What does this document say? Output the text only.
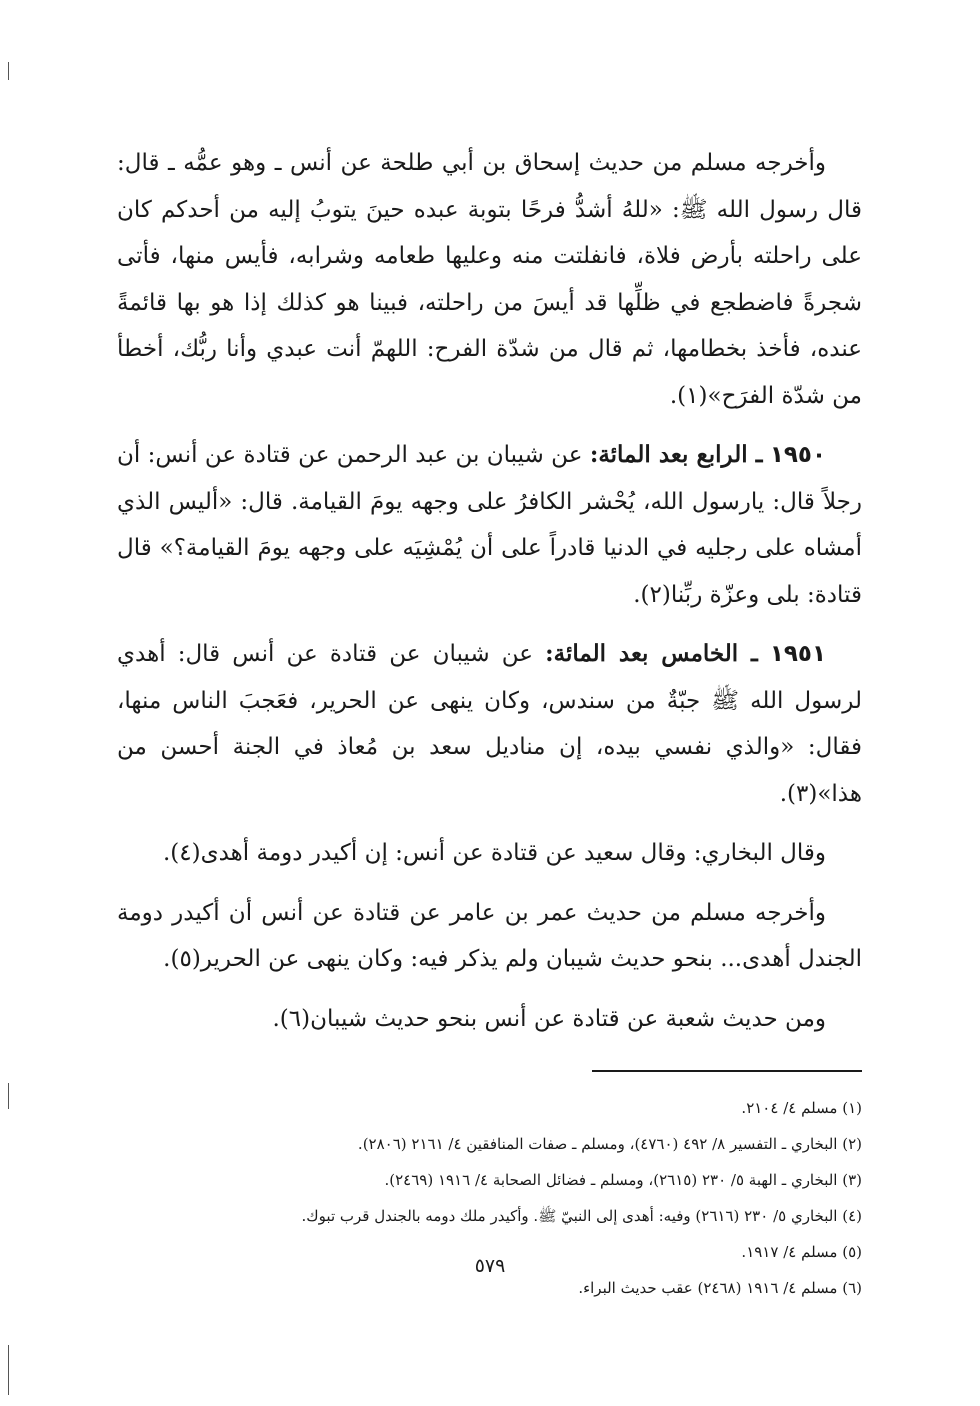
وأخرجه مسلم من حديث إسحاق بن أبي طلحة عن أنس ـ وهو عمُّه ـ قال: قال رسول الله ﷺ: «للهُ أشدُّ فرحًا بتوبة عبده حينَ يتوبُ إليه من أحدكم كان على راحلته بأرض فلاة، فانفلتت منه وعليها طعامه وشرابه، فأيس منها، فأتى شجرةً فاضطجع في ظلِّها قد أيسَ من راحلته، فبينا هو كذلك إذا هو بها قائمةً عنده، فأخذ بخطامها، ثم قال من شدّة الفرح: اللهمّ أنت عبدي وأنا ربُّك، أخطأ من شدّة الفرَح»(١).

١٩٥٠ ـ الرابع بعد المائة: عن شيبان بن عبد الرحمن عن قتادة عن أنس: أن رجلاً قال: يارسول الله، يُحْشر الكافرُ على وجهه يومَ القيامة. قال: «أليس الذي أمشاه على رجليه في الدنيا قادراً على أن يُمْشِيَه على وجهه يومَ القيامة؟» قال قتادة: بلى وعزّة ربِّنا(٢).

١٩٥١ ـ الخامس بعد المائة: عن شيبان عن قتادة عن أنس قال: أهدي لرسول الله ﷺ جبّةٌ من سندس، وكان ينهى عن الحرير، فعَجبَ الناس منها، فقال: «والذي نفسي بيده، إن مناديل سعد بن مُعاذ في الجنة أحسن من هذا»(٣).

وقال البخاري: وقال سعيد عن قتادة عن أنس: إن أكيدر دومة أهدى(٤).

وأخرجه مسلم من حديث عمر بن عامر عن قتادة عن أنس أن أكيدر دومة الجندل أهدى... بنحو حديث شيبان ولم يذكر فيه: وكان ينهى عن الحرير(٥).

ومن حديث شعبة عن قتادة عن أنس بنحو حديث شيبان(٦).

(١) مسلم ٤/ ٢١٠٤.

(٢) البخاري ـ التفسير ٨/ ٤٩٢ (٤٧٦٠)، ومسلم ـ صفات المنافقين ٤/ ٢١٦١ (٢٨٠٦).

(٣) البخاري ـ الهبة ٥/ ٢٣٠ (٢٦١٥)، ومسلم ـ فضائل الصحابة ٤/ ١٩١٦ (٢٤٦٩).

(٤) البخاري ٥/ ٢٣٠ (٢٦١٦) وفيه: أهدى إلى النبيّ ﷺ. وأكيدر ملك دومه بالجندل قرب تبوك.

(٥) مسلم ٤/ ١٩١٧.

(٦) مسلم ٤/ ١٩١٦ (٢٤٦٨) عقب حديث البراء.

٥٧٩
